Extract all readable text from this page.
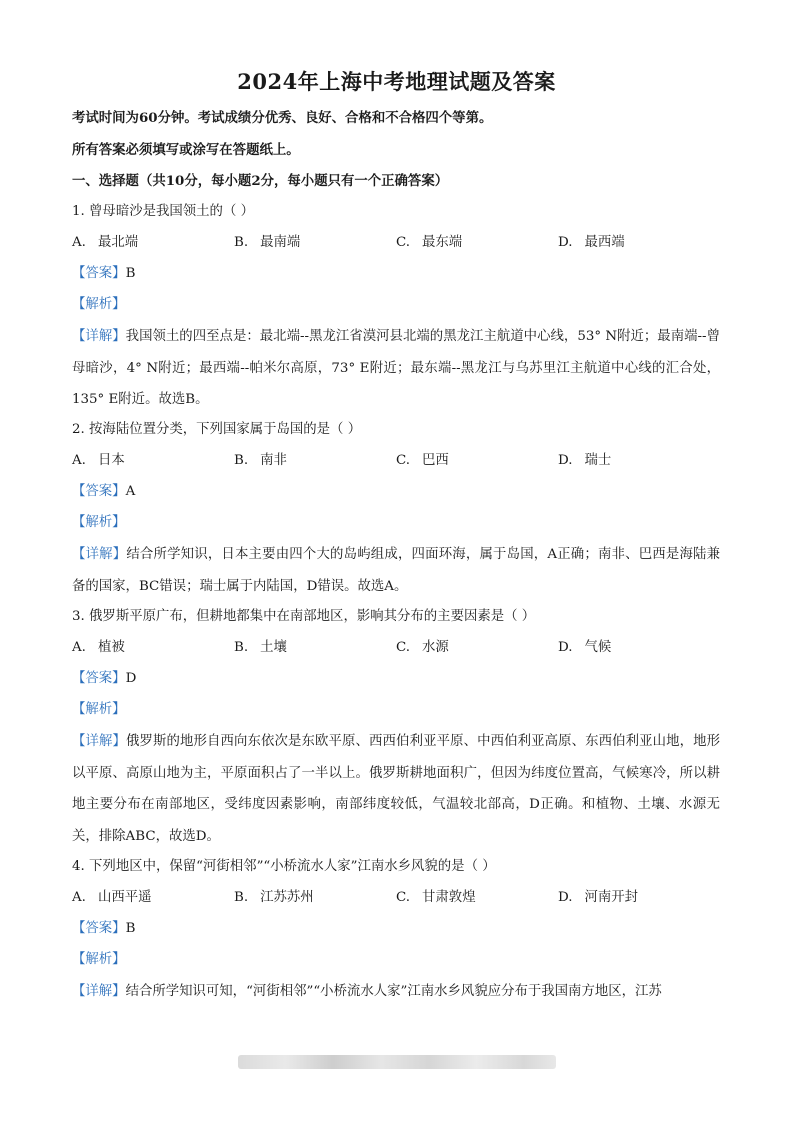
2024年上海中考地理试题及答案
考试时间为60分钟。考试成绩分优秀、良好、合格和不合格四个等第。
所有答案必须填写或涂写在答题纸上。
一、选择题（共10分，每小题2分，每小题只有一个正确答案）
1. 曾母暗沙是我国领土的（ ）
A. 最北端	B. 最南端	C. 最东端	D. 最西端
【答案】B
【解析】
【详解】我国领土的四至点是：最北端--黑龙江省漠河县北端的黑龙江主航道中心线，53° N附近；最南端--曾母暗沙，4° N附近；最西端--帕米尔高原，73° E附近；最东端--黑龙江与乌苏里江主航道中心线的汇合处，135° E附近。故选B。
2. 按海陆位置分类，下列国家属于岛国的是（ ）
A. 日本	B. 南非	C. 巴西	D. 瑞士
【答案】A
【解析】
【详解】结合所学知识，日本主要由四个大的岛屿组成，四面环海，属于岛国，A正确；南非、巴西是海陆兼备的国家，BC错误；瑞士属于内陆国，D错误。故选A。
3. 俄罗斯平原广布，但耕地都集中在南部地区，影响其分布的主要因素是（ ）
A. 植被	B. 土壤	C. 水源	D. 气候
【答案】D
【解析】
【详解】俄罗斯的地形自西向东依次是东欧平原、西西伯利亚平原、中西伯利亚高原、东西伯利亚山地，地形以平原、高原山地为主，平原面积占了一半以上。俄罗斯耕地面积广，但因为纬度位置高，气候寒冷，所以耕地主要分布在南部地区，受纬度因素影响，南部纬度较低，气温较北部高，D正确。和植物、土壤、水源无关，排除ABC，故选D。
4. 下列地区中，保留“河街相邻”“小桥流水人家”江南水乡风貌的是（ ）
A. 山西平遥	B. 江苏苏州	C. 甘肃敦煌	D. 河南开封
【答案】B
【解析】
【详解】结合所学知识可知，“河街相邻”“小桥流水人家”江南水乡风貌应分布于我国南方地区，江苏
